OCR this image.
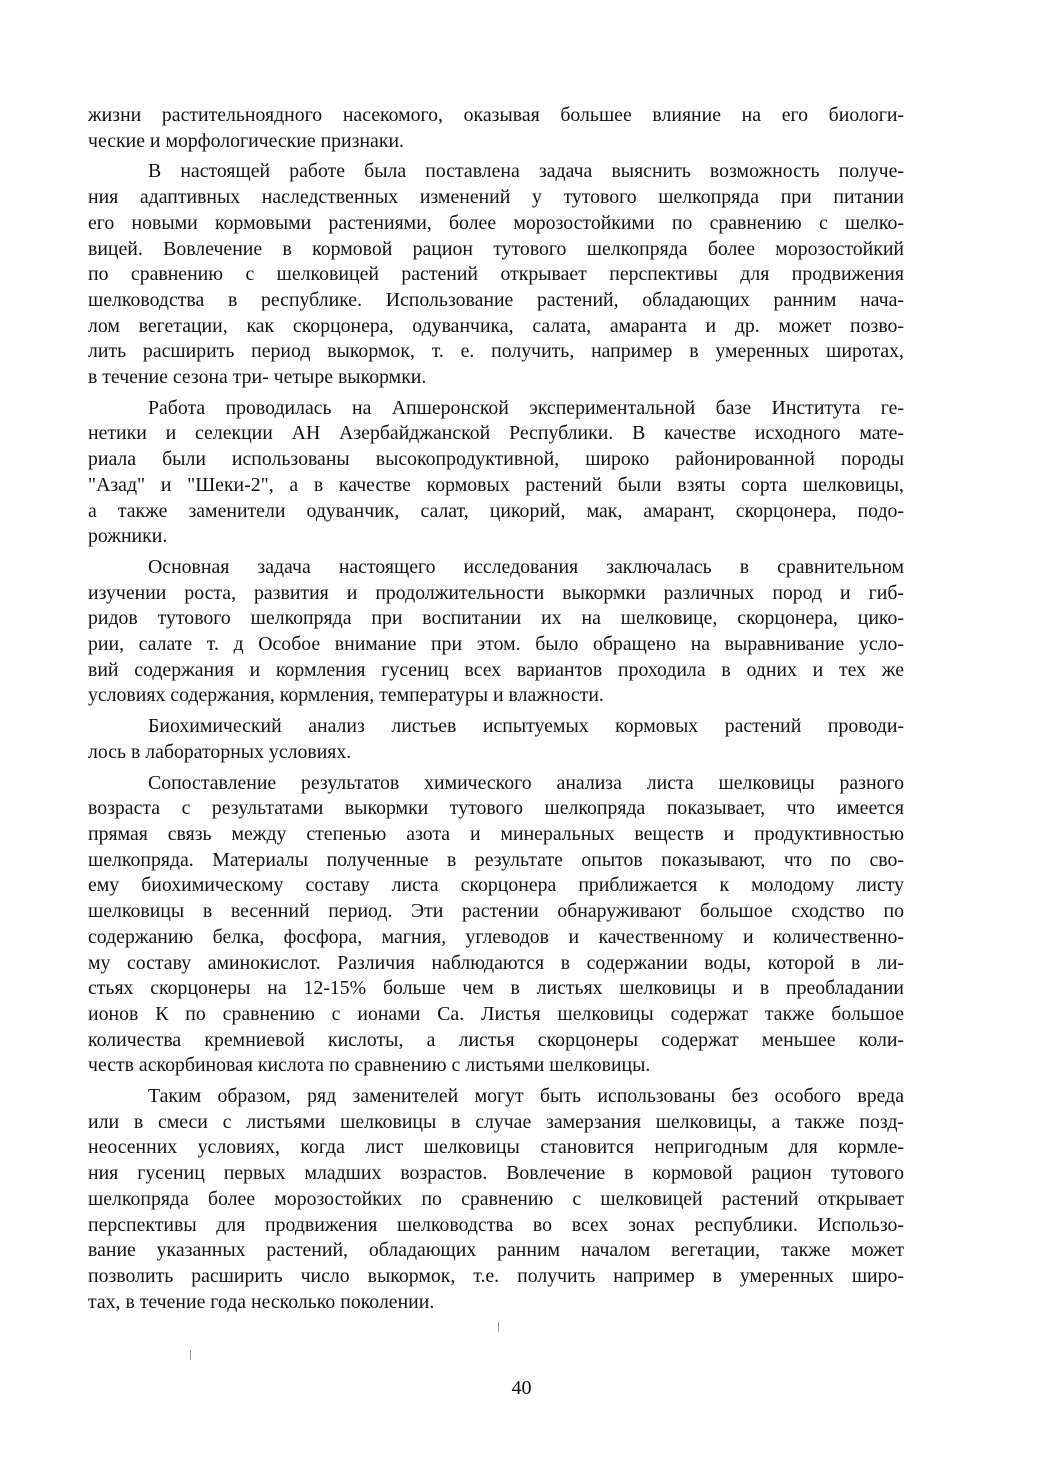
жизни растительноядного насекомого, оказывая большее влияние на его биологи-
ческие и морфологические признаки.

В настоящей работе была поставлена задача выяснить возможность получе-
ния адаптивных наследственных изменений у тутового шелкопряда при питании
его новыми кормовыми растениями, более морозостойкими по сравнению с шелко-
вицей. Вовлечение в кормовой рацион тутового шелкопряда более морозостойкий
по сравнению с шелковицей растений открывает перспективы для продвижения
шелководства в республике. Использование растений, обладающих ранним нача-
лом вегетации, как скорцонера, одуванчика, салата, амаранта и др. может позво-
лить расширить период выкормок, т. е. получить, например в умеренных широтах,
в течение сезона три- четыре выкормки.

Работа проводилась на Апшеронской экспериментальной базе Института ге-
нетики и селекции АН Азербайджанской Республики. В качестве исходного мате-
риала были использованы высокопродуктивной, широко районированной породы
"Азад" и "Шеки-2", а в качестве кормовых растений были взяты сорта шелковицы,
а также заменители одуванчик, салат, цикорий, мак, амарант, скорцонера, подо-
рожники.

Основная задача настоящего исследования заключалась в сравнительном
изучении роста, развития и продолжительности выкормки различных пород и гиб-
ридов тутового шелкопряда при воспитании их на шелковице, скорцонера, цико-
рии, салате т. д Особое внимание при этом. было обращено на выравнивание усло-
вий содержания и кормления гусениц всех вариантов проходила в одних и тех же
условиях содержания, кормления, температуры и влажности.

Биохимический анализ листьев испытуемых кормовых растений проводи-
лось в лабораторных условиях.

Сопоставление результатов химического анализа листа шелковицы разного
возраста с результатами выкормки тутового шелкопряда показывает, что имеется
прямая связь между степенью азота и минеральных веществ и продуктивностью
шелкопряда. Материалы полученные в результате опытов показывают, что по сво-
ему биохимическому составу листа скорцонера приближается к молодому листу
шелковицы в весенний период. Эти растении обнаруживают большое сходство по
содержанию белка, фосфора, магния, углеводов и качественному и количественно-
му составу аминокислот. Различия наблюдаются в содержании воды, которой в ли-
стьях скорцонеры на 12-15% больше чем в листьях шелковицы и в преобладании
ионов К по сравнению с ионами Са. Листья шелковицы содержат также большое
количества кремниевой кислоты, а листья скорцонеры содержат меньшее коли-
честв аскорбиновая кислота по сравнению с листьями шелковицы.

Таким образом, ряд заменителей могут быть использованы без особого вреда
или в смеси с листьями шелковицы в случае замерзания шелковицы, а также позд-
неосенних условиях, когда лист шелковицы становится непригодным для кормле-
ния гусениц первых младших возрастов. Вовлечение в кормовой рацион тутового
шелкопряда более морозостойких по сравнению с шелковицей растений открывает
перспективы для продвижения шелководства во всех зонах республики. Использо-
вание указанных растений, обладающих ранним началом вегетации, также может
позволить расширить число выкормок, т.е. получить например в умеренных широ-
тах, в течение года несколько поколении.

40
